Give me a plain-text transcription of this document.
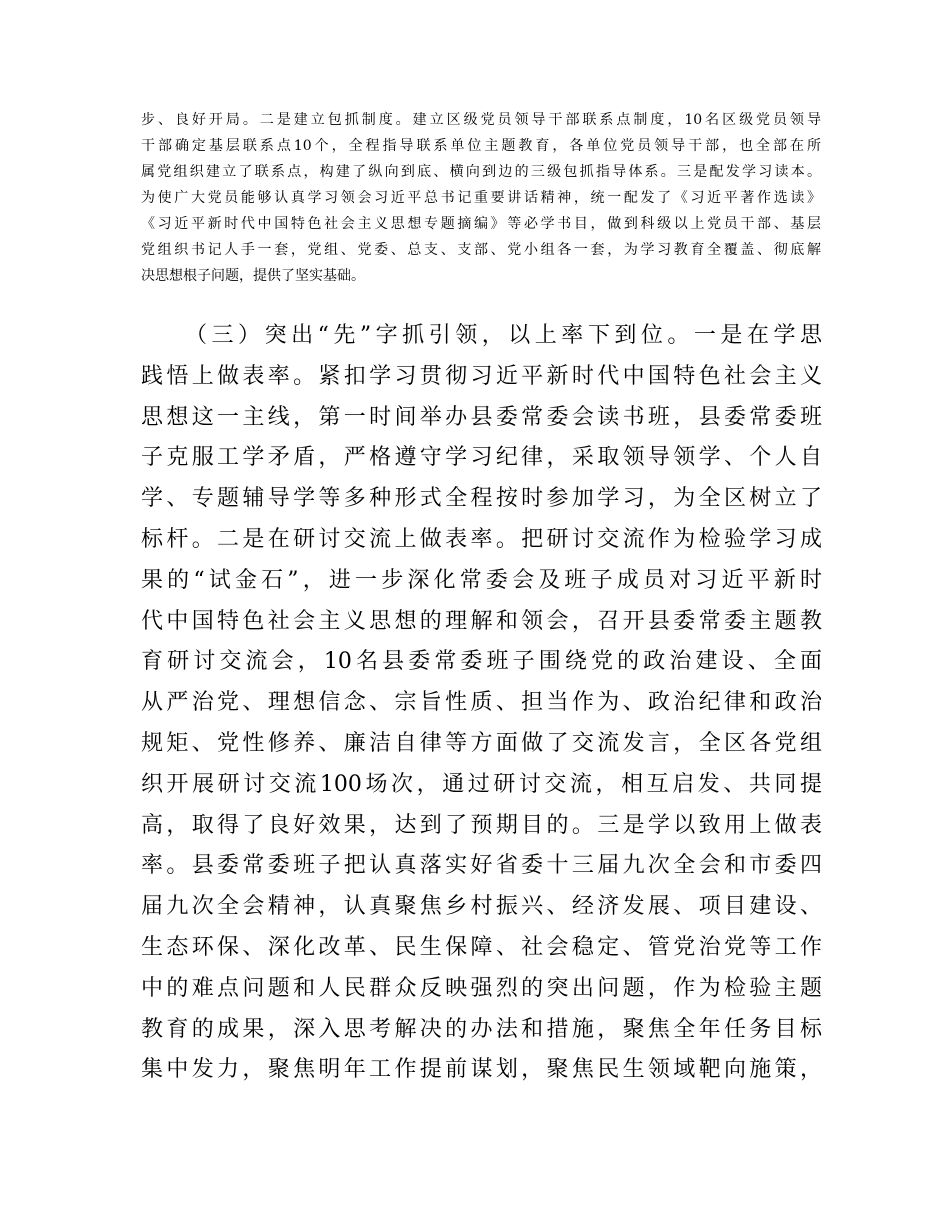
步、良好开局。二是建立包抓制度。建立区级党员领导干部联系点制度，10名区级党员领导
干部确定基层联系点10个，全程指导联系单位主题教育，各单位党员领导干部，也全部在所
属党组织建立了联系点，构建了纵向到底、横向到边的三级包抓指导体系。三是配发学习读本。
为使广大党员能够认真学习领会习近平总书记重要讲话精神，统一配发了《习近平著作选读》
《习近平新时代中国特色社会主义思想专题摘编》等必学书目，做到科级以上党员干部、基层
党组织书记人手一套，党组、党委、总支、支部、党小组各一套，为学习教育全覆盖、彻底解
决思想根子问题，提供了坚实基础。
（三）突出“先”字抓引领，以上率下到位。一是在学思
践悟上做表率。紧扣学习贯彻习近平新时代中国特色社会主义
思想这一主线，第一时间举办县委常委会读书班，县委常委班
子克服工学矛盾，严格遵守学习纪律，采取领导领学、个人自
学、专题辅导学等多种形式全程按时参加学习，为全区树立了
标杆。二是在研讨交流上做表率。把研讨交流作为检验学习成
果的“试金石”，进一步深化常委会及班子成员对习近平新时
代中国特色社会主义思想的理解和领会，召开县委常委主题教
育研讨交流会，10名县委常委班子围绕党的政治建设、全面
从严治党、理想信念、宗旨性质、担当作为、政治纪律和政治
规矩、党性修养、廉洁自律等方面做了交流发言，全区各党组
织开展研讨交流100场次，通过研讨交流，相互启发、共同提
高，取得了良好效果，达到了预期目的。三是学以致用上做表
率。县委常委班子把认真落实好省委十三届九次全会和市委四
届九次全会精神，认真聚焦乡村振兴、经济发展、项目建设、
生态环保、深化改革、民生保障、社会稳定、管党治党等工作
中的难点问题和人民群众反映强烈的突出问题，作为检验主题
教育的成果，深入思考解决的办法和措施，聚焦全年任务目标
集中发力，聚焦明年工作提前谋划，聚焦民生领域靶向施策，
